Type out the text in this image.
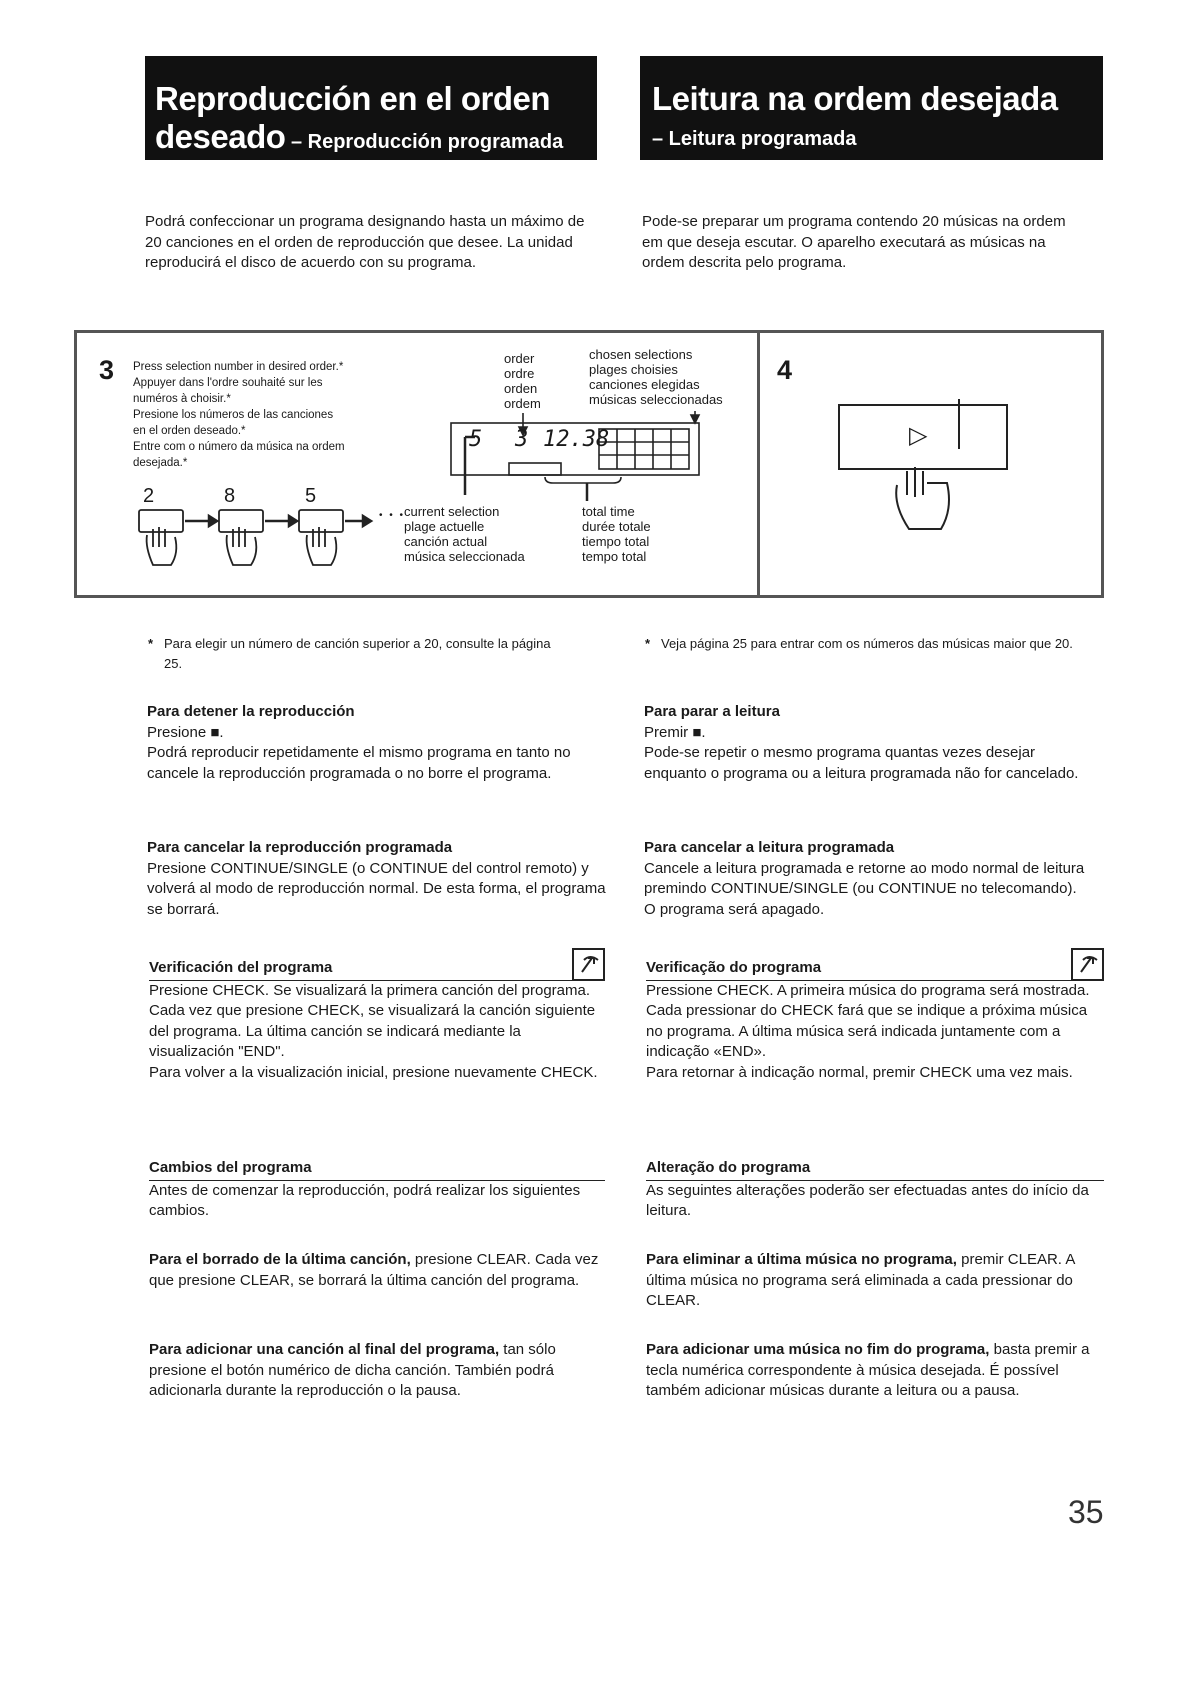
Reproducción en el orden
deseado – Reproducción programada
Leitura na ordem desejada
– Leitura programada
Podrá confeccionar un programa designando hasta un máximo de 20 canciones en el orden de reproducción que desee. La unidad reproducirá el disco de acuerdo con su programa.
Pode-se preparar um programa contendo 20 músicas na ordem em que deseja escutar. O aparelho executará as músicas na ordem descrita pelo programa.
3 Press selection number in desired order.*
Appuyer dans l'ordre souhaité sur les
numéros à choisir.*
Presione los números de las canciones
en el orden deseado.*
Entre com o número da música na ordem
desejada.*
2	8	5
• • •
order
ordre
orden
ordem
chosen selections
plages choisies
canciones elegidas
músicas seleccionadas
5 3 12.38
current selection
plage actuelle
canción actual
música seleccionada
total time
durée totale
tiempo total
tempo total
4
▷
* Para elegir un número de canción superior a 20, consulte la página 25.
* Veja página 25 para entrar com os números das músicas maior que 20.
Para detener la reproducción
Presione ■.
Podrá reproducir repetidamente el mismo programa en tanto no cancele la reproducción programada o no borre el programa.
Para cancelar la reproducción programada
Presione CONTINUE/SINGLE (o CONTINUE del control remoto) y volverá al modo de reproducción normal. De esta forma, el programa se borrará.
Verificación del programa
Presione CHECK. Se visualizará la primera canción del programa.
Cada vez que presione CHECK, se visualizará la canción siguiente del programa. La última canción se indicará mediante la visualización "END".
Para volver a la visualización inicial, presione nuevamente CHECK.
Cambios del programa
Antes de comenzar la reproducción, podrá realizar los siguientes cambios.
Para el borrado de la última canción, presione CLEAR. Cada vez que presione CLEAR, se borrará la última canción del programa.
Para adicionar una canción al final del programa, tan sólo presione el botón numérico de dicha canción. También podrá adicionarla durante la reproducción o la pausa.
Para parar a leitura
Premir ■.
Pode-se repetir o mesmo programa quantas vezes desejar enquanto o programa ou a leitura programada não for cancelado.
Para cancelar a leitura programada
Cancele a leitura programada e retorne ao modo normal de leitura premindo CONTINUE/SINGLE (ou CONTINUE no telecomando).
O programa será apagado.
Verificação do programa
Pressione CHECK. A primeira música do programa será mostrada.
Cada pressionar do CHECK fará que se indique a próxima música no programa. A última música será indicada juntamente com a indicação «END».
Para retornar à indicação normal, premir CHECK uma vez mais.
Alteração do programa
As seguintes alterações poderão ser efectuadas antes do início da leitura.
Para eliminar a última música no programa, premir CLEAR. A última música no programa será eliminada a cada pressionar do CLEAR.
Para adicionar uma música no fim do programa, basta premir a tecla numérica correspondente à música desejada. É possível também adicionar músicas durante a leitura ou a pausa.
35
